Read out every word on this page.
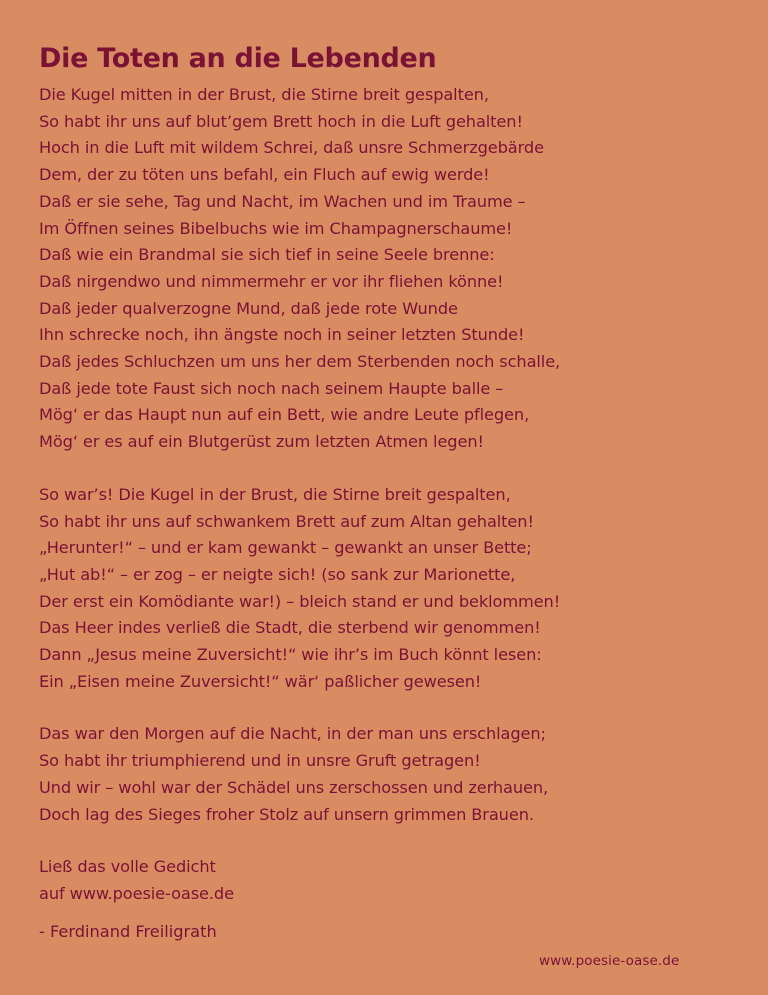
Die Toten an die Lebenden
Die Kugel mitten in der Brust, die Stirne breit gespalten,
So habt ihr uns auf blut’gem Brett hoch in die Luft gehalten!
Hoch in die Luft mit wildem Schrei, daß unsre Schmerzgebärde
Dem, der zu töten uns befahl, ein Fluch auf ewig werde!
Daß er sie sehe, Tag und Nacht, im Wachen und im Traume –
Im Öffnen seines Bibelbuchs wie im Champagnerschaume!
Daß wie ein Brandmal sie sich tief in seine Seele brenne:
Daß nirgendwo und nimmermehr er vor ihr fliehen könne!
Daß jeder qualverzogne Mund, daß jede rote Wunde
Ihn schrecke noch, ihn ängste noch in seiner letzten Stunde!
Daß jedes Schluchzen um uns her dem Sterbenden noch schalle,
Daß jede tote Faust sich noch nach seinem Haupte balle –
Mög‘ er das Haupt nun auf ein Bett, wie andre Leute pflegen,
Mög‘ er es auf ein Blutgerüst zum letzten Atmen legen!
So war’s! Die Kugel in der Brust, die Stirne breit gespalten,
So habt ihr uns auf schwankem Brett auf zum Altan gehalten!
„Herunter!“ – und er kam gewankt – gewankt an unser Bette;
„Hut ab!“ – er zog – er neigte sich! (so sank zur Marionette,
Der erst ein Komödiante war!) – bleich stand er und beklommen!
Das Heer indes verließ die Stadt, die sterbend wir genommen!
Dann „Jesus meine Zuversicht!“ wie ihr’s im Buch könnt lesen:
Ein „Eisen meine Zuversicht!“ wär‘ paßlicher gewesen!
Das war den Morgen auf die Nacht, in der man uns erschlagen;
So habt ihr triumphierend und in unsre Gruft getragen!
Und wir – wohl war der Schädel uns zerschossen und zerhauen,
Doch lag des Sieges froher Stolz auf unsern grimmen Brauen.
Ließ das volle Gedicht
auf www.poesie-oase.de
- Ferdinand Freiligrath
www.poesie-oase.de
